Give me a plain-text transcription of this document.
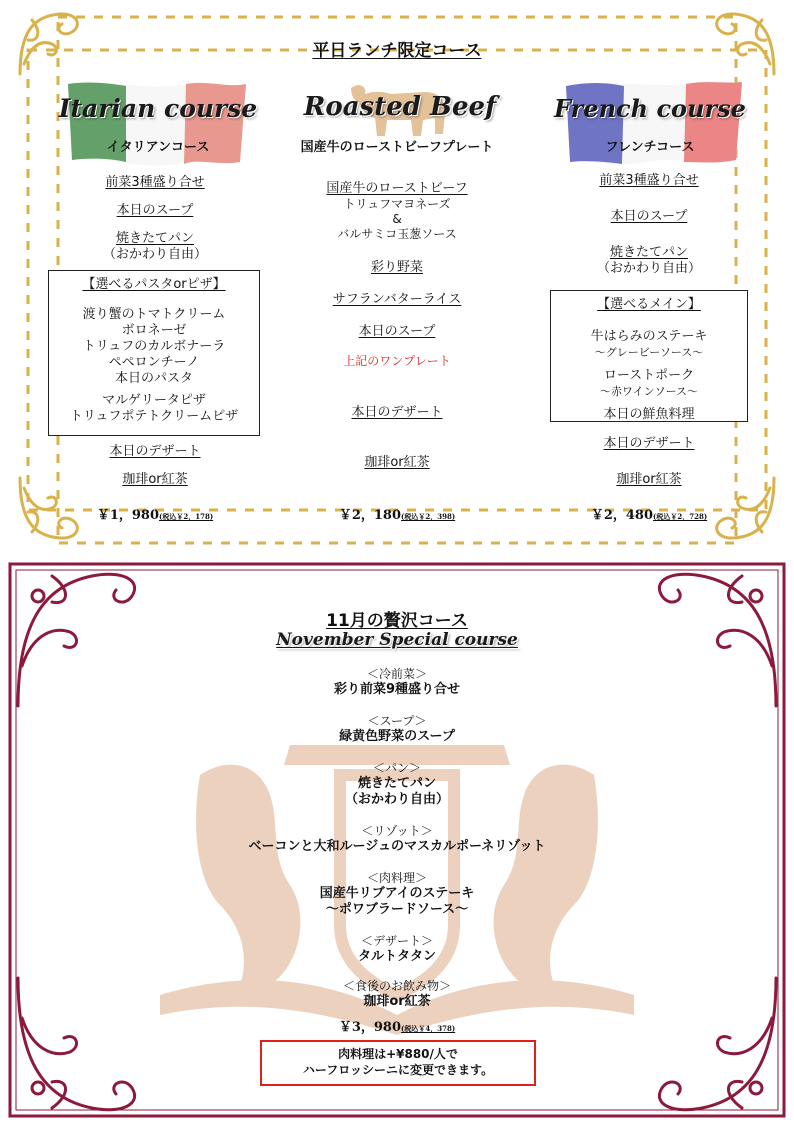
平日ランチ限定コース
Itarian course
イタリアンコース
前菜3種盛り合せ
本日のスープ
焼きたてパン
（おかわり自由）
【選べるパスタorピザ】
渡り蟹のトマトクリーム
ボロネーゼ
トリュフのカルボナーラ
ペペロンチーノ
本日のパスタ
マルゲリータピザ
トリュフポテトクリームピザ
本日のデザート
珈琲or紅茶
￥1，980(税込￥2，178)
Roasted Beef
国産牛のローストビーフプレート
国産牛のローストビーフ
トリュフマヨネーズ
&
バルサミコ玉葱ソース
彩り野菜
サフランバターライス
本日のスープ
上記のワンプレート
本日のデザート
珈琲or紅茶
￥2，180(税込￥2，398)
French course
フレンチコース
前菜3種盛り合せ
本日のスープ
焼きたてパン
（おかわり自由）
【選べるメイン】
牛はらみのステーキ
～グレービーソース～
ローストポーク
～赤ワインソース～
本日の鮮魚料理
本日のデザート
珈琲or紅茶
￥2，480(税込￥2，728)
11月の贅沢コース
November Special course
＜冷前菜＞
彩り前菜9種盛り合せ
＜スープ＞
緑黄色野菜のスープ
＜パン＞
焼きたてパン
（おかわり自由）
＜リゾット＞
ベーコンと大和ルージュのマスカルポーネリゾット
＜肉料理＞
国産牛リブアイのステーキ
～ポワブラードソース～
＜デザート＞
タルトタタン
＜食後のお飲み物＞
珈琲or紅茶
￥3，980(税込￥4，378)
肉料理は+¥880/人で
ハーフロッシーニに変更できます。
